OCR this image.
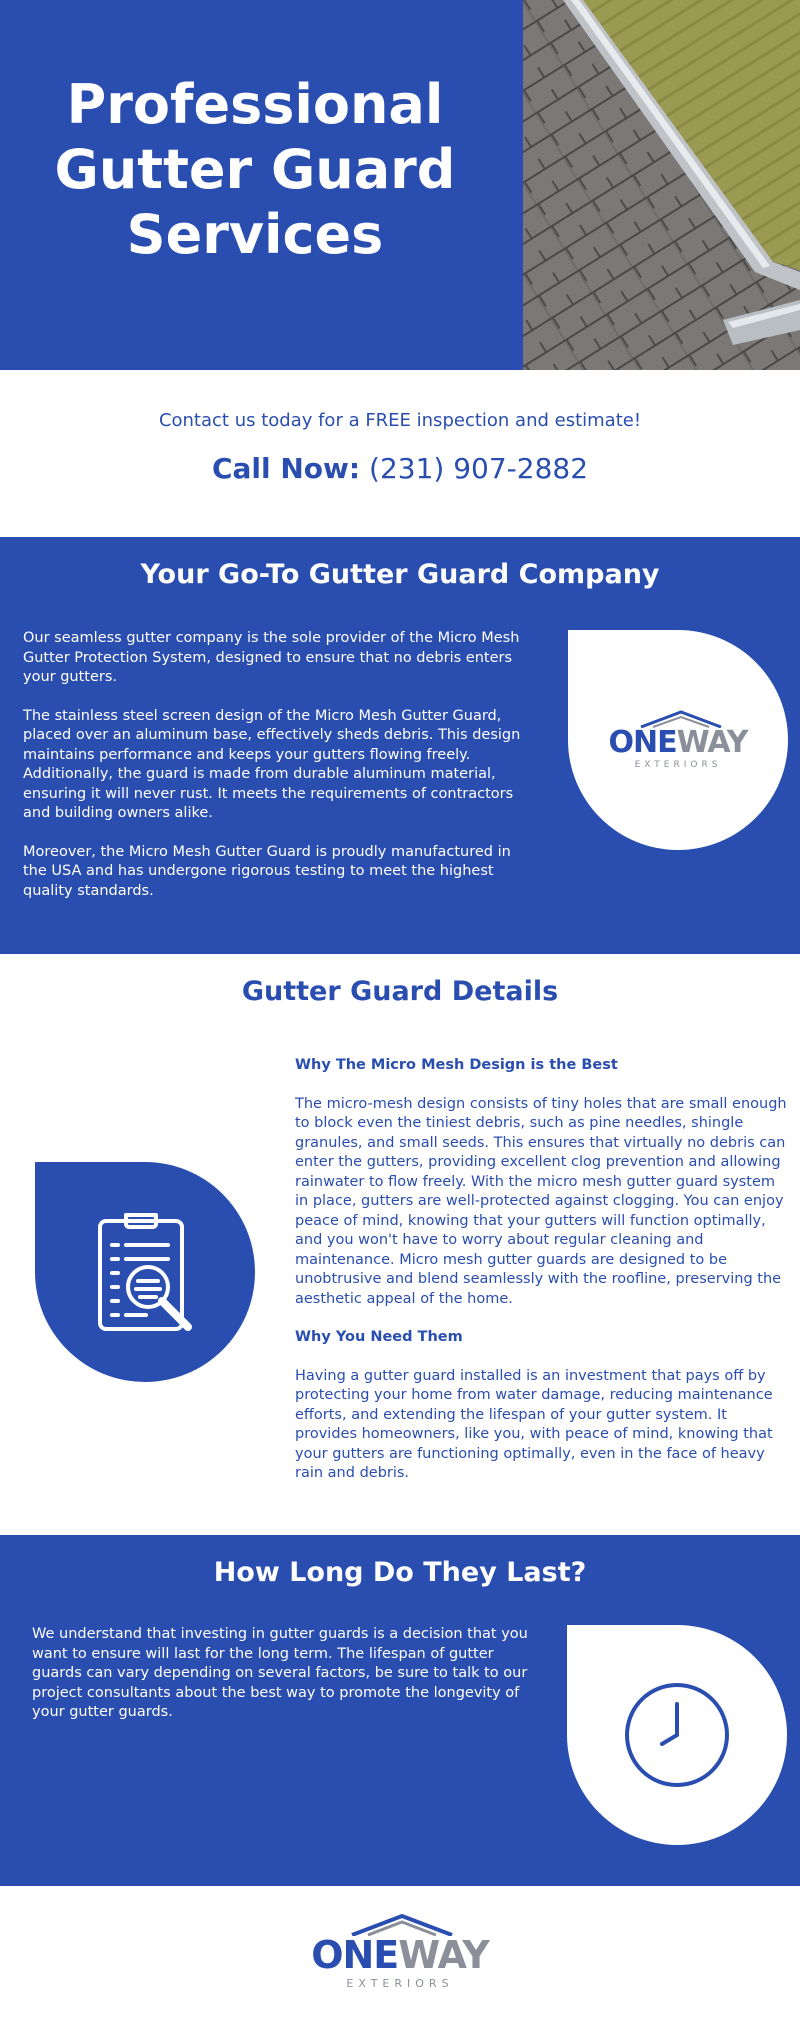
Professional
Gutter Guard
Services
Contact us today for a FREE inspection and estimate!
Call Now: (231) 907-2882
Your Go-To Gutter Guard Company

Our seamless gutter company is the sole provider of the Micro Mesh Gutter Protection System, designed to ensure that no debris enters your gutters.

The stainless steel screen design of the Micro Mesh Gutter Guard, placed over an aluminum base, effectively sheds debris. This design maintains performance and keeps your gutters flowing freely. Additionally, the guard is made from durable aluminum material, ensuring it will never rust. It meets the requirements of contractors and building owners alike.

Moreover, the Micro Mesh Gutter Guard is proudly manufactured in the USA and has undergone rigorous testing to meet the highest quality standards.

ONEWAY
EXTERIORS
Gutter Guard Details
Why The Micro Mesh Design is the Best

The micro-mesh design consists of tiny holes that are small enough to block even the tiniest debris, such as pine needles, shingle granules, and small seeds. This ensures that virtually no debris can enter the gutters, providing excellent clog prevention and allowing rainwater to flow freely. With the micro mesh gutter guard system in place, gutters are well-protected against clogging. You can enjoy peace of mind, knowing that your gutters will function optimally, and you won't have to worry about regular cleaning and maintenance. Micro mesh gutter guards are designed to be unobtrusive and blend seamlessly with the roofline, preserving the aesthetic appeal of the home.

Why You Need Them

Having a gutter guard installed is an investment that pays off by protecting your home from water damage, reducing maintenance efforts, and extending the lifespan of your gutter system. It provides homeowners, like you, with peace of mind, knowing that your gutters are functioning optimally, even in the face of heavy rain and debris.

How Long Do They Last?

We understand that investing in gutter guards is a decision that you want to ensure will last for the long term. The lifespan of gutter guards can vary depending on several factors, be sure to talk to our project consultants about the best way to promote the longevity of your gutter guards.

ONEWAY
EXTERIORS
